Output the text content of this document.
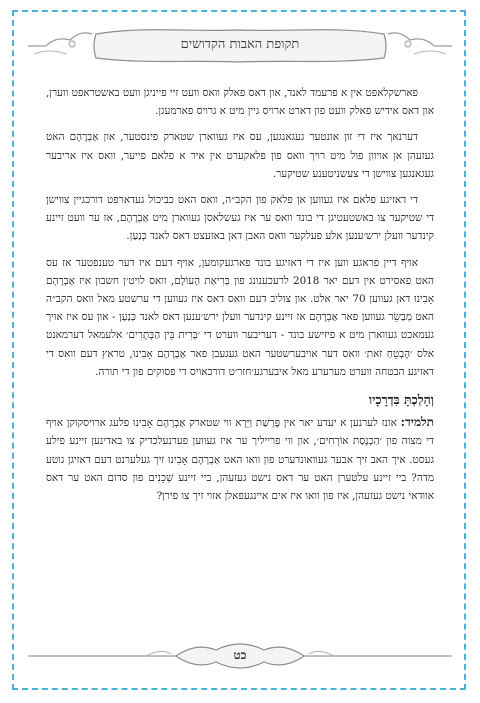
תקופת האבות הקדושים

פארשקלאפט אין א פרעמד לאנד, און דאס פאלק וואס וועט זיי פייניגן וועט באשטראפט ווערן, און דאס אידיש פאלק וועט פון דארט ארויס גיין מיט א גרויס פארמעגן.

דערנאך איז די זון אונטער געגאנגען, עס איז געווארן שטארק פינסטער, און אַבְרָהָם האט געזעהן אן אויוון פול מיט רויך וואס פון פלאקערט אין איר א פלאם פייער, וואס איז אריבער געגאנגען צווישן די צעשניטענע שטיקער.

די דאזיגע פלאם איז געווען אן פלאק פון הקב״ה, וואס האט כביכול געדארפט דורכגיין צווישן די שטיקער צו באשטעטיגן די בונד וואס ער איז געשלאסן געווארן מיט אַבְרָהָם, אז ער וועט זיינע קינדער וועלן ירש׳ענען אלע פעלקער וואס האבן דאן באזעצט דאס לאנד כְּנַעַן.

אויף דיין פראגע ווען איז די דאזיגע בונד פארגעקומען, אויף דעם איז דער טענפטער אז עס האט פאסירט אין דעם יאר 2018 לרעכענונג פון בְּרִיאַת הָעוֹלָם, וואס לויט׳ן חשבון איז אַבְרָהָם אָבִינוּ דאן געווען 70 יאר אלט. און צוליב דעם וואס דאס איז געווען די ערשטע מאל וואס הקב״ה האט מְבַשֵׂר געווען פאר אַבְרָהָם אז זיינע קינדער וועלן ירש׳ענען דאס לאנד כְּנַעַן - און עס איז אויך געמאכט געווארן מיט א פיזישע בונד - דעריבער ווערט די ׳בְּרִית בֵּין הַבְּתָרִים׳ אלעמאל דערמאנט אלס ׳הֶבְטֵחַ זֹאת׳ וואס דער אויבערשטער האט געגעבן פאר אַבְרָהָם אָבִינוּ, טראץ דעם וואס די דאזיגע הבטחה ווערט מערערע מאל איבערגע׳חזר׳ט דורכאויס די פסוקים פון די תורה.

וְהָלַכְתָּ בִּדְרָכָיו

תלמיד: אונז לערנען א יעדע יאר אין פָּרָשַׁת וַיֵּרָא ווי שטארק אַבְרָהָם אָבִינוּ פלעג ארויסקוקן אויף די מצוה פון ׳הַכְנָסַת אוֹרְחִים׳, און ווי פרייליך ער איז געווען פערנעלכדיק צו באדינען זיינע פילע געסט. איך האב זיך אבער געוואונדערט פון וואו האט אַבְרָהָם אָבִינוּ זיך געלערנט דעם דאזיגן גוטע מדה? ביי זיינע עלטערן האט ער דאס נישט געזעהן, ביי זיינע שְׁכֵנִים פון סדום האט ער דאס אוודאי נישט געזעהן, איז פון וואו איז אים איינגעפאלן אזוי זיך צו פירן?

כט
